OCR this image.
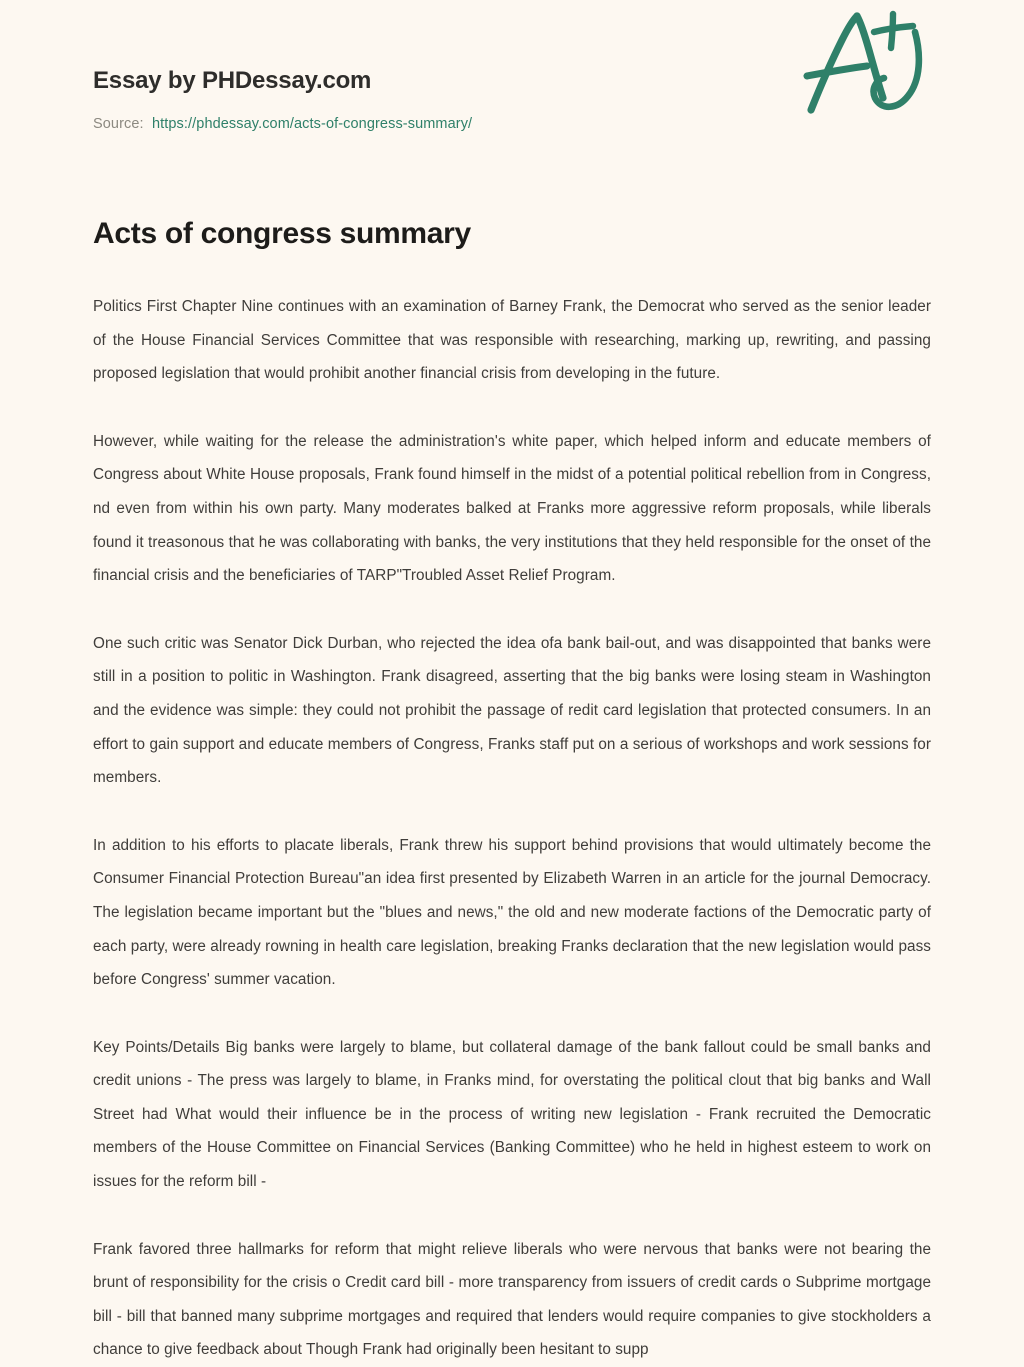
Essay by PHDessay.com
Source: https://phdessay.com/acts-of-congress-summary/
Acts of congress summary

Politics First Chapter Nine continues with an examination of Barney Frank, the Democrat who served as the senior leader of the House Financial Services Committee that was responsible with researching, marking up, rewriting, and passing proposed legislation that would prohibit another financial crisis from developing in the future.

However, while waiting for the release the administration's white paper, which helped inform and educate members of Congress about White House proposals, Frank found himself in the midst of a potential political rebellion from in Congress, nd even from within his own party. Many moderates balked at Franks more aggressive reform proposals, while liberals found it treasonous that he was collaborating with banks, the very institutions that they held responsible for the onset of the financial crisis and the beneficiaries of TARP"Troubled Asset Relief Program.

One such critic was Senator Dick Durban, who rejected the idea ofa bank bail-out, and was disappointed that banks were still in a position to politic in Washington. Frank disagreed, asserting that the big banks were losing steam in Washington and the evidence was simple: they could not prohibit the passage of redit card legislation that protected consumers. In an effort to gain support and educate members of Congress, Franks staff put on a serious of workshops and work sessions for members.

In addition to his efforts to placate liberals, Frank threw his support behind provisions that would ultimately become the Consumer Financial Protection Bureau"an idea first presented by Elizabeth Warren in an article for the journal Democracy. The legislation became important but the "blues and news," the old and new moderate factions of the Democratic party of each party, were already rowning in health care legislation, breaking Franks declaration that the new legislation would pass before Congress' summer vacation.

Key Points/Details Big banks were largely to blame, but collateral damage of the bank fallout could be small banks and credit unions - The press was largely to blame, in Franks mind, for overstating the political clout that big banks and Wall Street had What would their influence be in the process of writing new legislation - Frank recruited the Democratic members of the House Committee on Financial Services (Banking Committee) who he held in highest esteem to work on issues for the reform bill -

Frank favored three hallmarks for reform that might relieve liberals who were nervous that banks were not bearing the brunt of responsibility for the crisis o Credit card bill - more transparency from issuers of credit cards o Subprime mortgage bill - bill that banned many subprime mortgages and required that lenders would require companies to give stockholders a chance to give feedback about Though Frank had originally been hesitant to supp
